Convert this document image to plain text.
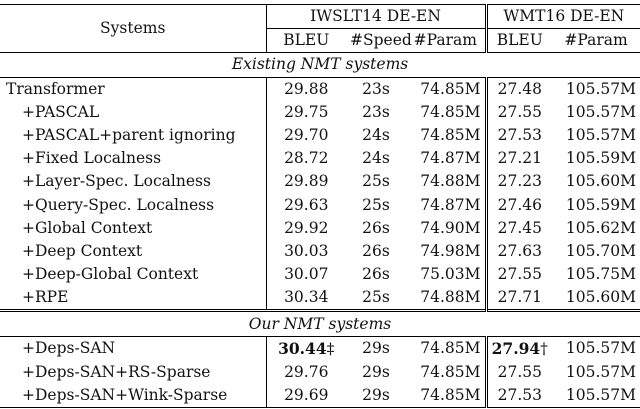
Systems	IWSLT14 DE-EN			WMT16 DE-EN	
	BLEU	#Speed	#Param	BLEU	#Param
Existing NMT systems					
Transformer	29.88	23s	74.85M	27.48	105.57M
+PASCAL	29.75	23s	74.85M	27.55	105.57M
+PASCAL+parent ignoring	29.70	24s	74.85M	27.53	105.57M
+Fixed Localness	28.72	24s	74.87M	27.21	105.59M
+Layer-Spec. Localness	29.89	25s	74.88M	27.23	105.60M
+Query-Spec. Localness	29.63	25s	74.87M	27.46	105.59M
+Global Context	29.92	26s	74.90M	27.45	105.62M
+Deep Context	30.03	26s	74.98M	27.63	105.70M
+Deep-Global Context	30.07	26s	75.03M	27.55	105.75M
+RPE	30.34	25s	74.88M	27.71	105.60M
Our NMT systems					
+Deps-SAN	30.44‡	29s	74.85M	27.94†	105.57M
+Deps-SAN+RS-Sparse	29.76	29s	74.85M	27.55	105.57M
+Deps-SAN+Wink-Sparse	29.69	29s	74.85M	27.53	105.57M
